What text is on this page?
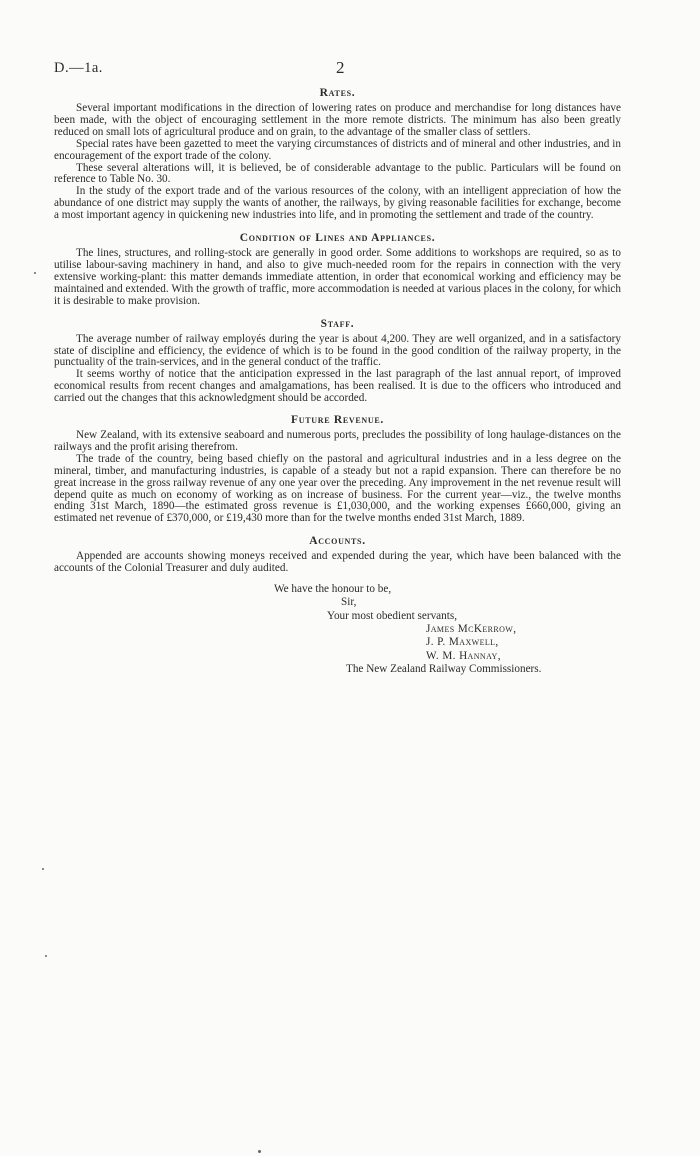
D.—1a.	2
Rates.

Several important modifications in the direction of lowering rates on produce and merchandise for long distances have been made, with the object of encouraging settlement in the more remote districts. The minimum has also been greatly reduced on small lots of agricultural produce and on grain, to the advantage of the smaller class of settlers.

Special rates have been gazetted to meet the varying circumstances of districts and of mineral and other industries, and in encouragement of the export trade of the colony.

These several alterations will, it is believed, be of considerable advantage to the public. Particulars will be found on reference to Table No. 30.

In the study of the export trade and of the various resources of the colony, with an intelligent appreciation of how the abundance of one district may supply the wants of another, the railways, by giving reasonable facilities for exchange, become a most important agency in quickening new industries into life, and in promoting the settlement and trade of the country.

Condition of Lines and Appliances.

The lines, structures, and rolling-stock are generally in good order. Some additions to workshops are required, so as to utilise labour-saving machinery in hand, and also to give much-needed room for the repairs in connection with the very extensive working-plant: this matter demands immediate attention, in order that economical working and efficiency may be maintained and extended. With the growth of traffic, more accommodation is needed at various places in the colony, for which it is desirable to make provision.

Staff.

The average number of railway employés during the year is about 4,200. They are well organized, and in a satisfactory state of discipline and efficiency, the evidence of which is to be found in the good condition of the railway property, in the punctuality of the train-services, and in the general conduct of the traffic.

It seems worthy of notice that the anticipation expressed in the last paragraph of the last annual report, of improved economical results from recent changes and amalgamations, has been realised. It is due to the officers who introduced and carried out the changes that this acknowledgment should be accorded.

Future Revenue.

New Zealand, with its extensive seaboard and numerous ports, precludes the possibility of long haulage-distances on the railways and the profit arising therefrom.

The trade of the country, being based chiefly on the pastoral and agricultural industries and in a less degree on the mineral, timber, and manufacturing industries, is capable of a steady but not a rapid expansion. There can therefore be no great increase in the gross railway revenue of any one year over the preceding. Any improvement in the net revenue result will depend quite as much on economy of working as on increase of business. For the current year—viz., the twelve months ending 31st March, 1890—the estimated gross revenue is £1,030,000, and the working expenses £660,000, giving an estimated net revenue of £370,000, or £19,430 more than for the twelve months ended 31st March, 1889.

Accounts.

Appended are accounts showing moneys received and expended during the year, which have been balanced with the accounts of the Colonial Treasurer and duly audited.

We have the honour to be,
Sir,
Your most obedient servants,
James McKerrow,
J. P. Maxwell,
W. M. Hannay,
The New Zealand Railway Commissioners.
